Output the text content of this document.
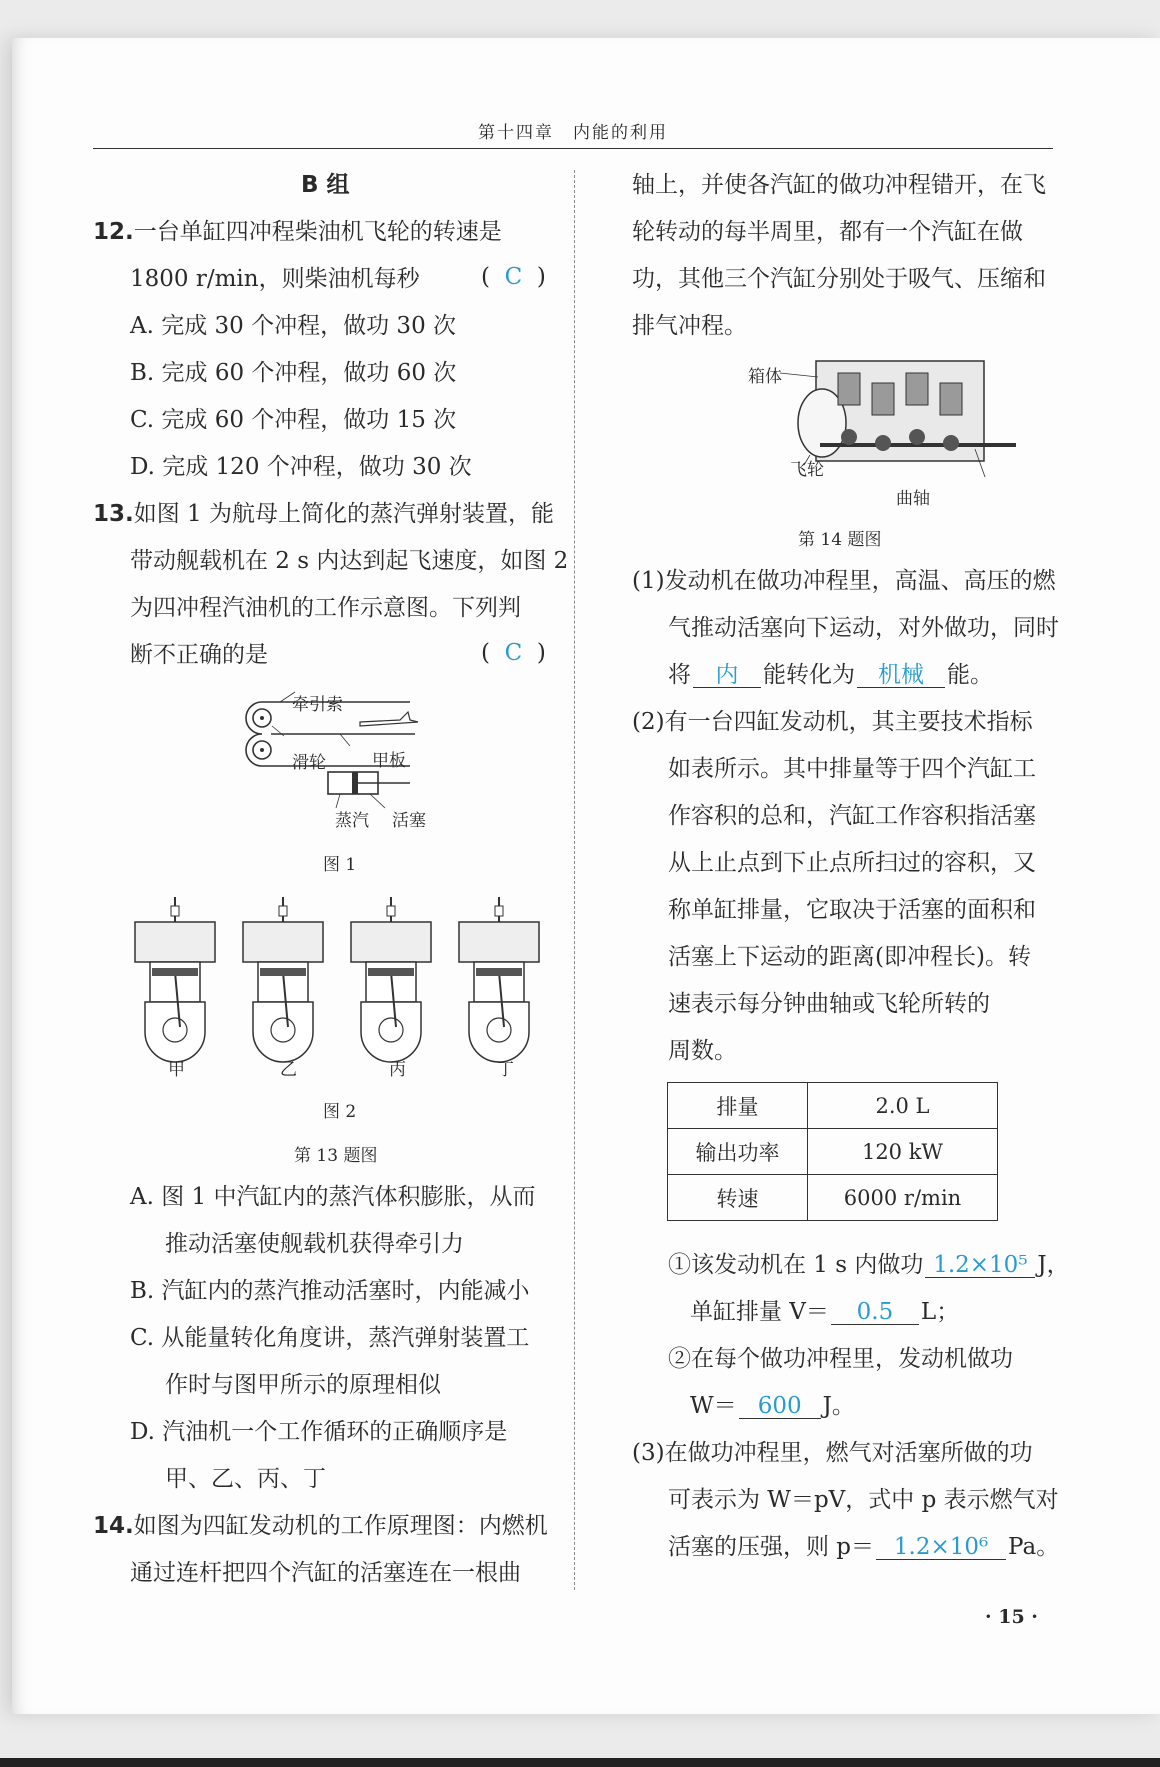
第十四章　内能的利用
B 组
12.一台单缸四冲程柴油机飞轮的转速是
1800 r/min，则柴油机每秒	(  C  )
A. 完成 30 个冲程，做功 30 次
B. 完成 60 个冲程，做功 60 次
C. 完成 60 个冲程，做功 15 次
D. 完成 120 个冲程，做功 30 次
13.如图 1 为航母上简化的蒸汽弹射装置，能
带动舰载机在 2 s 内达到起飞速度，如图 2
为四冲程汽油机的工作示意图。下列判
断不正确的是	(  C  )
牵引索
滑轮	甲板
蒸汽 活塞
图 1
甲	乙	丙	丁
图 2
第 13 题图
A. 图 1 中汽缸内的蒸汽体积膨胀，从而
推动活塞使舰载机获得牵引力
B. 汽缸内的蒸汽推动活塞时，内能减小
C. 从能量转化角度讲，蒸汽弹射装置工
作时与图甲所示的原理相似
D. 汽油机一个工作循环的正确顺序是
甲、乙、丙、丁
14.如图为四缸发动机的工作原理图：内燃机
通过连杆把四个汽缸的活塞连在一根曲
轴上，并使各汽缸的做功冲程错开，在飞
轮转动的每半周里，都有一个汽缸在做
功，其他三个汽缸分别处于吸气、压缩和
排气冲程。
箱体
飞轮
曲轴
第 14 题图
(1)发动机在做功冲程里，高温、高压的燃
气推动活塞向下运动，对外做功，同时
将 内 能转化为 机械 能。
(2)有一台四缸发动机，其主要技术指标
如表所示。其中排量等于四个汽缸工
作容积的总和，汽缸工作容积指活塞
从上止点到下止点所扫过的容积，又
称单缸排量，它取决于活塞的面积和
活塞上下运动的距离(即冲程长)。转
速表示每分钟曲轴或飞轮所转的
周数。
排量	2.0 L
输出功率	120 kW
转速	6000 r/min
①该发动机在 1 s 内做功 1.2×10⁵ J，
单缸排量 V＝ 0.5 L；
②在每个做功冲程里，发动机做功
W＝ 600 J。
(3)在做功冲程里，燃气对活塞所做的功
可表示为 W＝pV，式中 p 表示燃气对
活塞的压强，则 p＝ 1.2×10⁶ Pa。
· 15 ·
